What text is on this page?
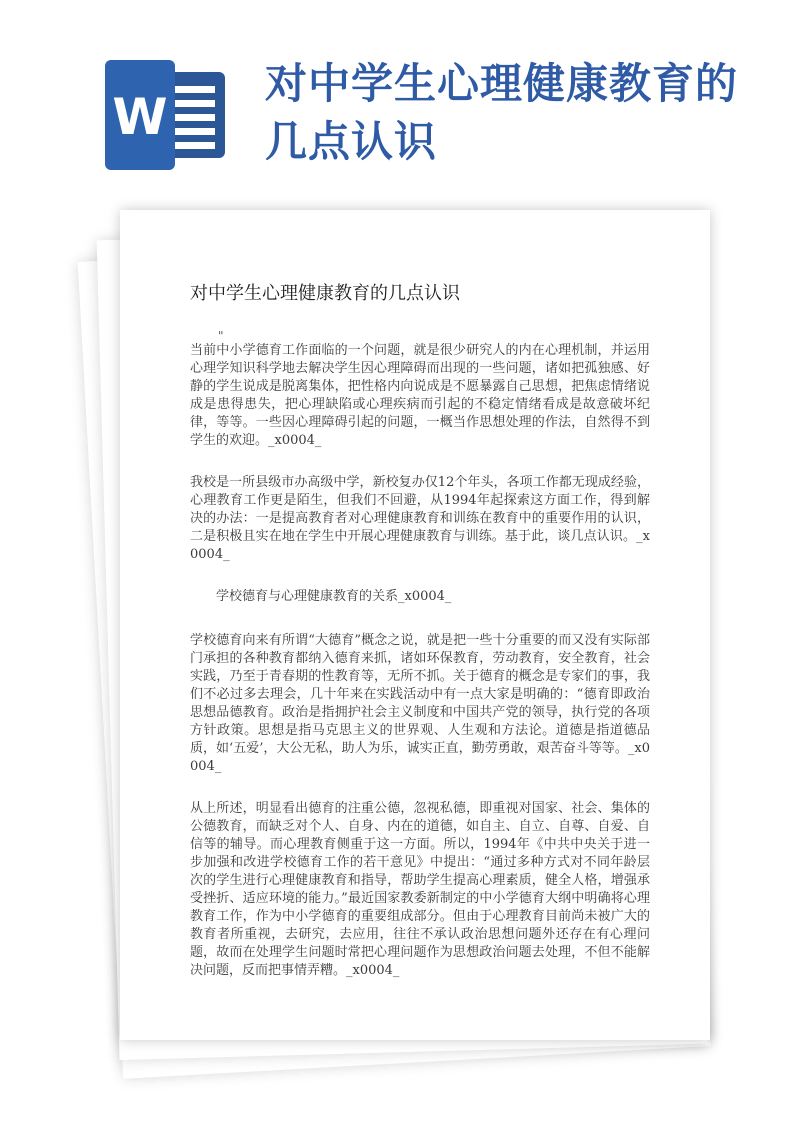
W
对中学生心理健康教育的几点认识
对中学生心理健康教育的几点认识
"

当前中小学德育工作面临的一个问题，就是很少研究人的内在心理机制，并运用心理学知识科学地去解决学生因心理障碍而出现的一些问题，诸如把孤独感、好静的学生说成是脱离集体，把性格内向说成是不愿暴露自己思想，把焦虑情绪说成是患得患失，把心理缺陷或心理疾病而引起的不稳定情绪看成是故意破坏纪律，等等。一些因心理障碍引起的问题，一概当作思想处理的作法，自然得不到学生的欢迎。_x0004_

我校是一所县级市办高级中学，新校复办仅12个年头，各项工作都无现成经验，心理教育工作更是陌生，但我们不回避，从1994年起探索这方面工作，得到解决的办法：一是提高教育者对心理健康教育和训练在教育中的重要作用的认识，二是积极且实在地在学生中开展心理健康教育与训练。基于此，谈几点认识。_x0004_

学校德育与心理健康教育的关系_x0004_

学校德育向来有所谓“大德育”概念之说，就是把一些十分重要的而又没有实际部门承担的各种教育都纳入德育来抓，诸如环保教育，劳动教育，安全教育，社会实践，乃至于青春期的性教育等，无所不抓。关于德育的概念是专家们的事，我们不必过多去理会，几十年来在实践活动中有一点大家是明确的：“德育即政治思想品德教育。政治是指拥护社会主义制度和中国共产党的领导，执行党的各项方针政策。思想是指马克思主义的世界观、人生观和方法论。道德是指道德品质，如‘五爱’，大公无私，助人为乐，诚实正直，勤劳勇敢，艰苦奋斗等等。_x0004_

从上所述，明显看出德育的注重公德，忽视私德，即重视对国家、社会、集体的公德教育，而缺乏对个人、自身、内在的道德，如自主、自立、自尊、自爱、自信等的辅导。而心理教育侧重于这一方面。所以，1994年《中共中央关于进一步加强和改进学校德育工作的若干意见》中提出：“通过多种方式对不同年龄层次的学生进行心理健康教育和指导，帮助学生提高心理素质，健全人格，增强承受挫折、适应环境的能力。”最近国家教委新制定的中小学德育大纲中明确将心理教育工作，作为中小学德育的重要组成部分。但由于心理教育目前尚未被广大的教育者所重视，去研究，去应用，往往不承认政治思想问题外还存在有心理问题，故而在处理学生问题时常把心理问题作为思想政治问题去处理，不但不能解决问题，反而把事情弄糟。_x0004_
